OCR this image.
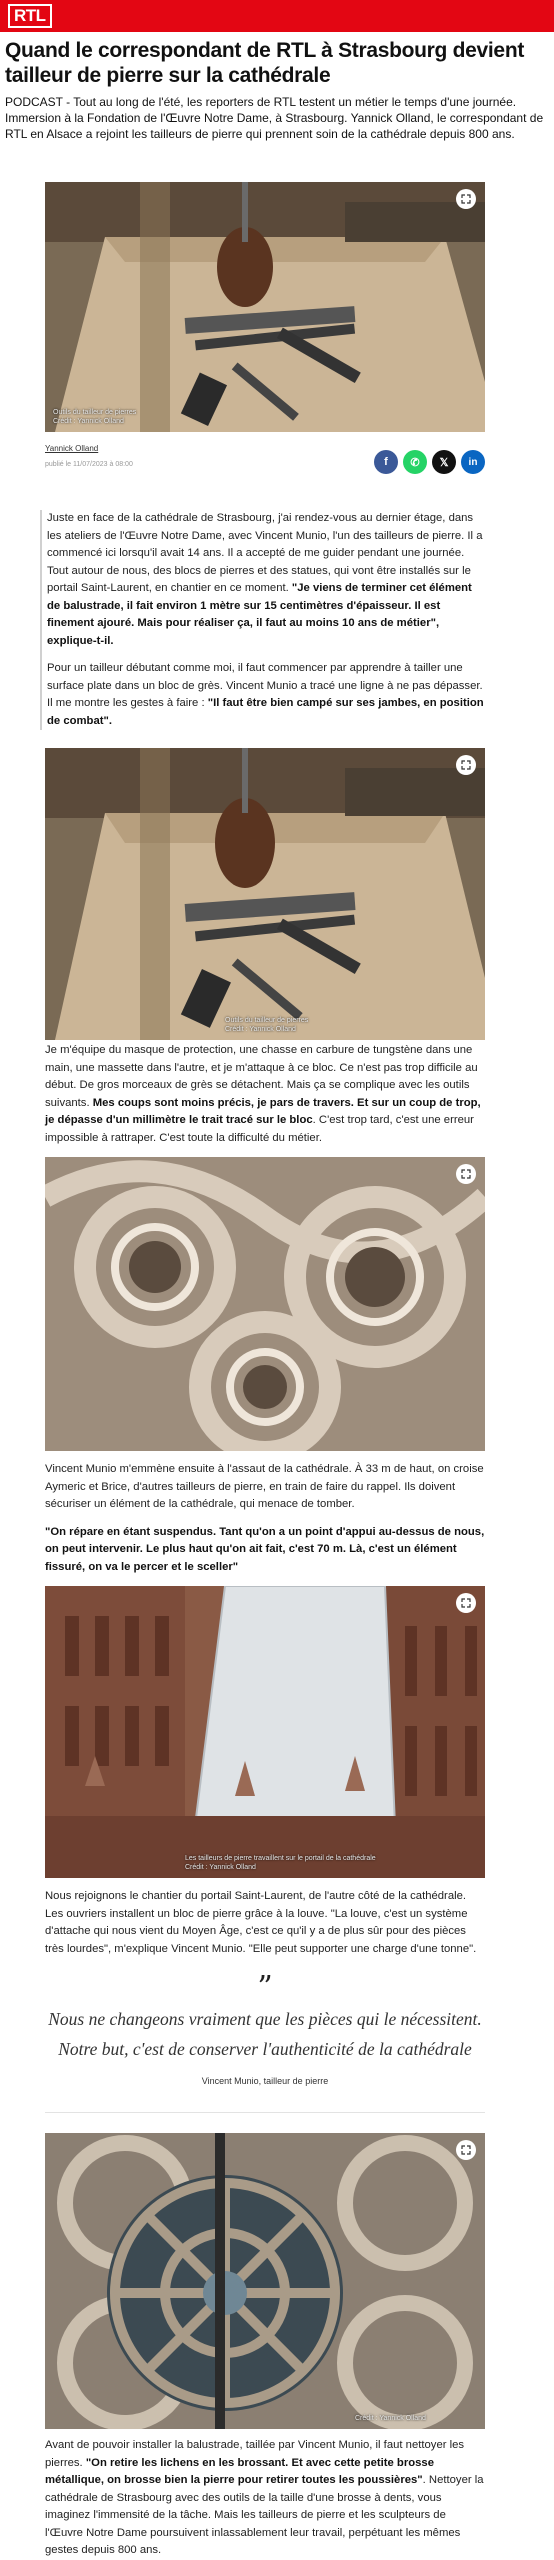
RTL
Quand le correspondant de RTL à Strasbourg devient tailleur de pierre sur la cathédrale

PODCAST - Tout au long de l'été, les reporters de RTL testent un métier le temps d'une journée. Immersion à la Fondation de l'Œuvre Notre Dame, à Strasbourg. Yannick Olland, le correspondant de RTL en Alsace a rejoint les tailleurs de pierre qui prennent soin de la cathédrale depuis 800 ans.

Outils du tailleur de pierres
Crédit : Yannick Olland
Yannick Olland
publié le 11/07/2023 à 08:00	f ✆ 𝕏 in

Juste en face de la cathédrale de Strasbourg, j'ai rendez-vous au dernier étage, dans les ateliers de l'Œuvre Notre Dame, avec Vincent Munio, l'un des tailleurs de pierre. Il a commencé ici lorsqu'il avait 14 ans. Il a accepté de me guider pendant une journée. Tout autour de nous, des blocs de pierres et des statues, qui vont être installés sur le portail Saint-Laurent, en chantier en ce moment. "Je viens de terminer cet élément de balustrade, il fait environ 1 mètre sur 15 centimètres d'épaisseur. Il est finement ajouré. Mais pour réaliser ça, il faut au moins 10 ans de métier", explique-t-il.

Pour un tailleur débutant comme moi, il faut commencer par apprendre à tailler une surface plate dans un bloc de grès. Vincent Munio a tracé une ligne à ne pas dépasser. Il me montre les gestes à faire : "Il faut être bien campé sur ses jambes, en position de combat".

Outils du tailleur de pierres
Crédit : Yannick Olland

Je m'équipe du masque de protection, une chasse en carbure de tungstène dans une main, une massette dans l'autre, et je m'attaque à ce bloc. Ce n'est pas trop difficile au début. De gros morceaux de grès se détachent. Mais ça se complique avec les outils suivants. Mes coups sont moins précis, je pars de travers. Et sur un coup de trop, je dépasse d'un millimètre le trait tracé sur le bloc. C'est trop tard, c'est une erreur impossible à rattraper. C'est toute la difficulté du métier.

Vincent Munio m'emmène ensuite à l'assaut de la cathédrale. À 33 m de haut, on croise Aymeric et Brice, d'autres tailleurs de pierre, en train de faire du rappel. Ils doivent sécuriser un élément de la cathédrale, qui menace de tomber.

"On répare en étant suspendus. Tant qu'on a un point d'appui au-dessus de nous, on peut intervenir. Le plus haut qu'on ait fait, c'est 70 m. Là, c'est un élément fissuré, on va le percer et le sceller"

Les tailleurs de pierre travaillent sur le portail de la cathédrale
Crédit : Yannick Olland

Nous rejoignons le chantier du portail Saint-Laurent, de l'autre côté de la cathédrale. Les ouvriers installent un bloc de pierre grâce à la louve. "La louve, c'est un système d'attache qui nous vient du Moyen Âge, c'est ce qu'il y a de plus sûr pour des pièces très lourdes", m'explique Vincent Munio. "Elle peut supporter une charge d'une tonne".

”
Nous ne changeons vraiment que les pièces qui le nécessitent.
Notre but, c'est de conserver l'authenticité de la cathédrale
Vincent Munio, tailleur de pierre
Crédit : Yannick Olland

Avant de pouvoir installer la balustrade, taillée par Vincent Munio, il faut nettoyer les pierres. "On retire les lichens en les brossant. Et avec cette petite brosse métallique, on brosse bien la pierre pour retirer toutes les poussières". Nettoyer la cathédrale de Strasbourg avec des outils de la taille d'une brosse à dents, vous imaginez l'immensité de la tâche. Mais les tailleurs de pierre et les sculpteurs de l'Œuvre Notre Dame poursuivent inlassablement leur travail, perpétuant les mêmes gestes depuis 800 ans.
